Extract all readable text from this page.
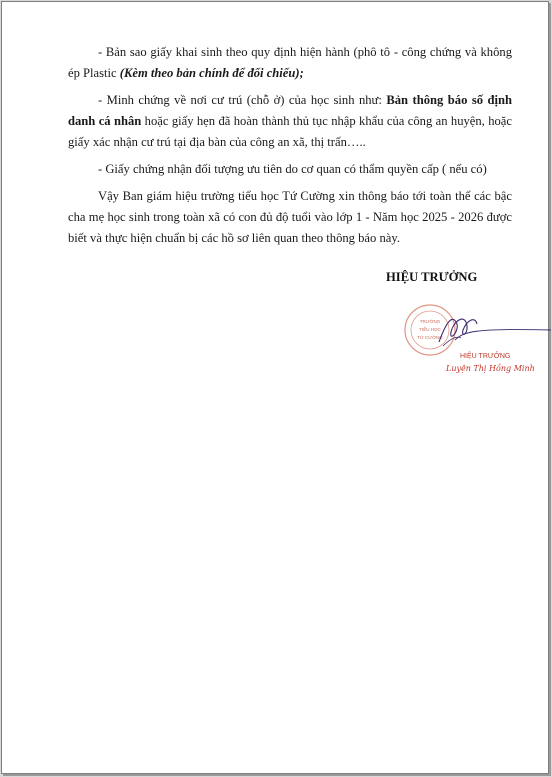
- Bản sao giấy khai sinh theo quy định hiện hành (phô tô - công chứng và không ép Plastic (Kèm theo bản chính để đối chiếu);

- Minh chứng về nơi cư trú (chỗ ở) của học sinh như: Bản thông báo số định danh cá nhân hoặc giấy hẹn đã hoàn thành thủ tục nhập khẩu của công an huyện, hoặc giấy xác nhận cư trú tại địa bàn của công an xã, thị trấn…..

- Giấy chứng nhận đối tượng ưu tiên do cơ quan có thẩm quyền cấp ( nếu có)

Vậy Ban giám hiệu trường tiểu học Tứ Cường xin thông báo tới toàn thể các bậc cha mẹ học sinh trong toàn xã có con đủ độ tuổi vào lớp 1 - Năm học 2025 - 2026 được biết và thực hiện chuẩn bị các hồ sơ liên quan theo thông báo này.

HIỆU TRƯỞNG
TRƯỜNG
TIỂU HỌC
TỨ CƯỜNG
HIỆU TRƯỞNG
Luyện Thị Hồng Minh
